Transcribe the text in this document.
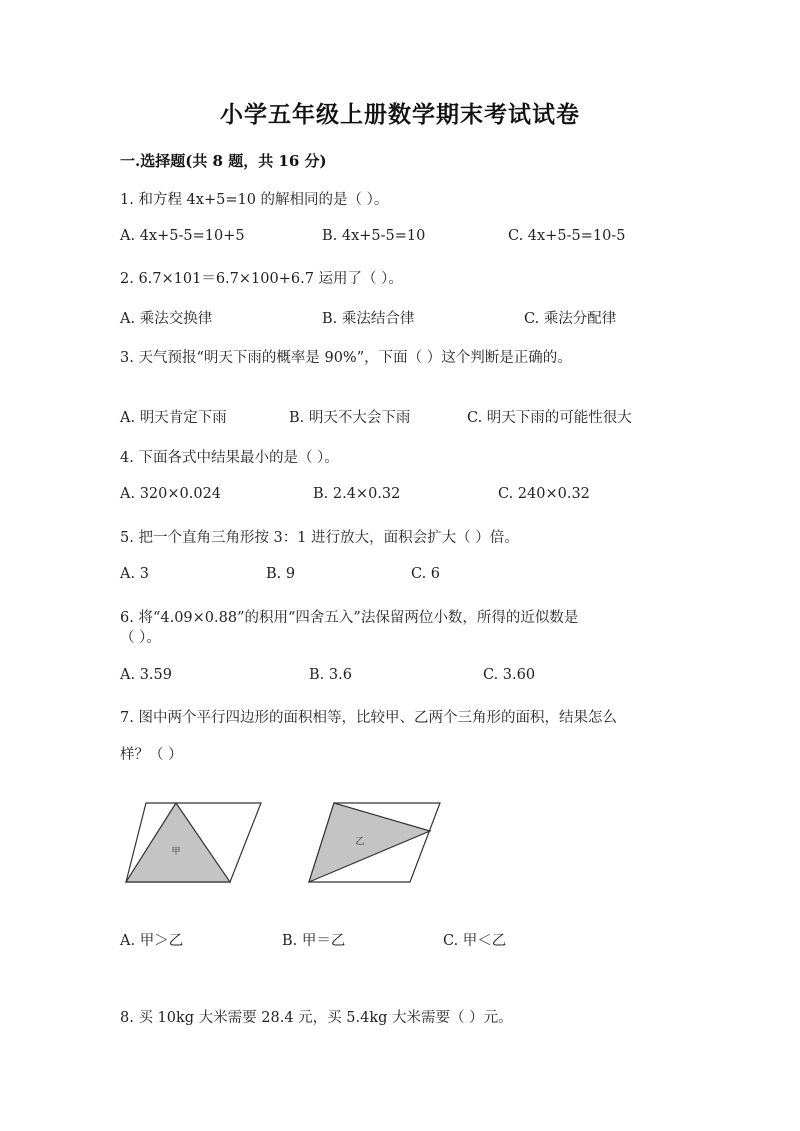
小学五年级上册数学期末考试试卷
一.选择题(共 8 题，共 16 分)
1. 和方程 4x+5=10 的解相同的是（ ）。
A. 4x+5-5=10+5	B. 4x+5-5=10	C. 4x+5-5=10-5
2. 6.7×101＝6.7×100+6.7 运用了（ ）。
A. 乘法交换律	B. 乘法结合律	C. 乘法分配律
3. 天气预报“明天下雨的概率是 90%”，下面（ ）这个判断是正确的。
A. 明天肯定下雨	B. 明天不大会下雨	C. 明天下雨的可能性很大
4. 下面各式中结果最小的是（ ）。
A. 320×0.024	B. 2.4×0.32	C. 240×0.32
5. 把一个直角三角形按 3：1 进行放大，面积会扩大（ ）倍。
A. 3	B. 9	C. 6
6. 将“4.09×0.88”的积用“四舍五入”法保留两位小数，所得的近似数是
（ ）。
A. 3.59	B. 3.6	C. 3.60
7. 图中两个平行四边形的面积相等，比较甲、乙两个三角形的面积，结果怎么
样？（ ）
甲
乙
A. 甲＞乙	B. 甲＝乙	C. 甲＜乙
8. 买 10kg 大米需要 28.4 元，买 5.4kg 大米需要（ ）元。
